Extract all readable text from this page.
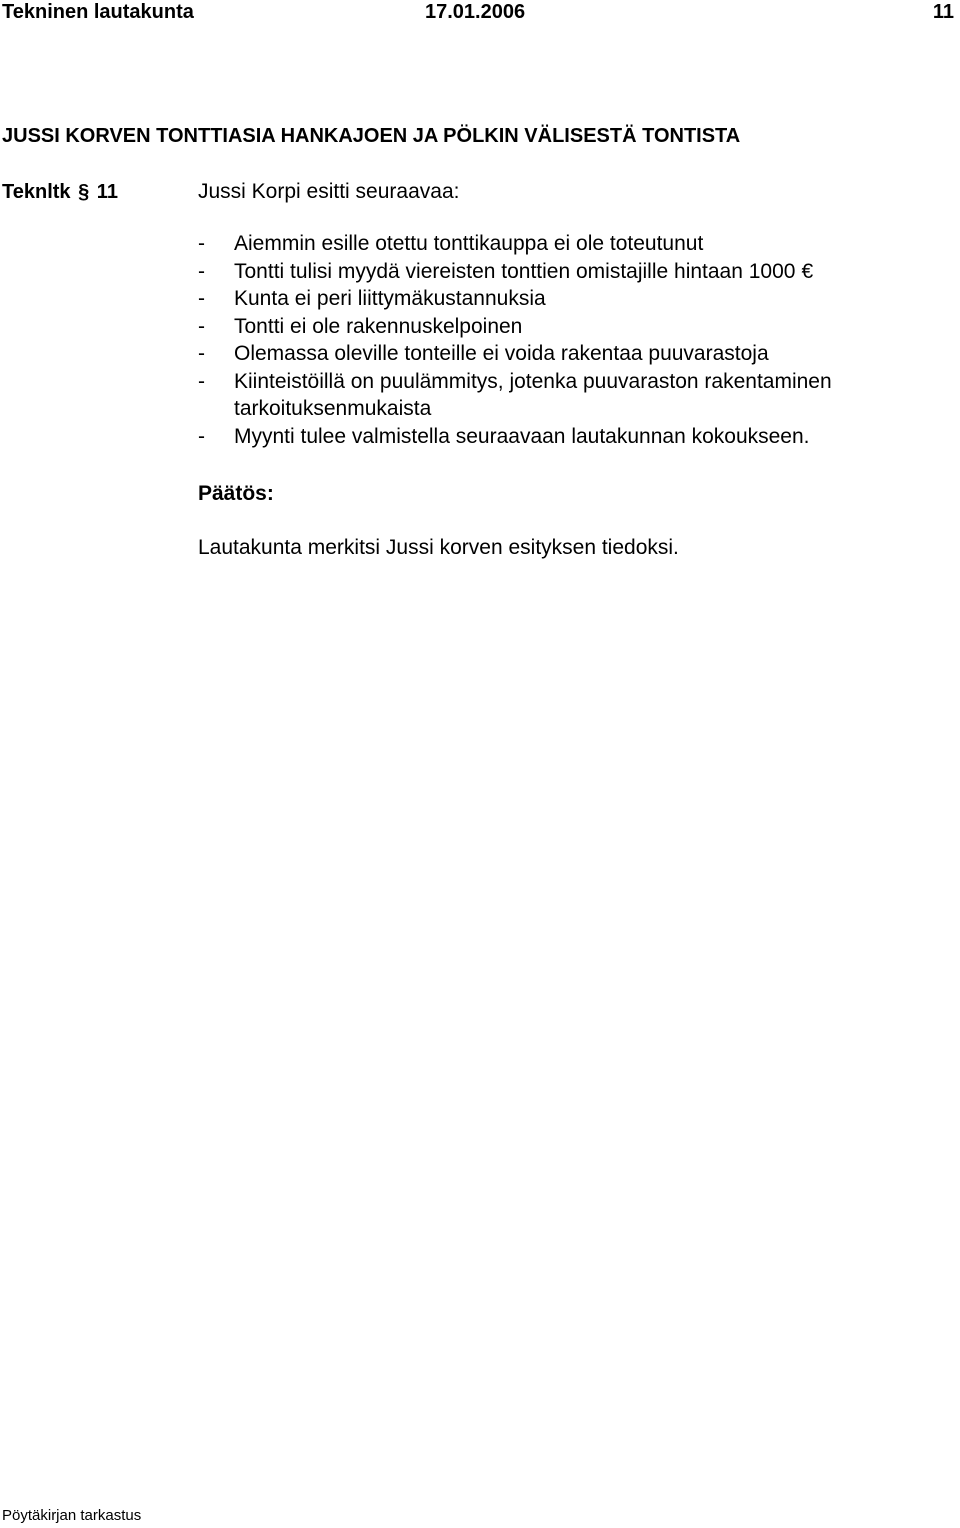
Tekninen lautakunta	17.01.2006	11
JUSSI KORVEN TONTTIASIA HANKAJOEN JA PÖLKIN VÄLISESTÄ TONTISTA
Teknltk § 11	Jussi Korpi esitti seuraavaa:
- Aiemmin esille otettu tonttikauppa ei ole toteutunut
- Tontti tulisi myydä viereisten tonttien omistajille hintaan 1000 €
- Kunta ei peri liittymäkustannuksia
- Tontti ei ole rakennuskelpoinen
- Olemassa oleville tonteille ei voida rakentaa puuvarastoja
- Kiinteistöillä on puulämmitys, jotenka puuvaraston rakentaminen tarkoituksenmukaista
- Myynti tulee valmistella seuraavaan lautakunnan kokoukseen.
Päätös:
Lautakunta merkitsi Jussi korven esityksen tiedoksi.
Pöytäkirjan tarkastus
